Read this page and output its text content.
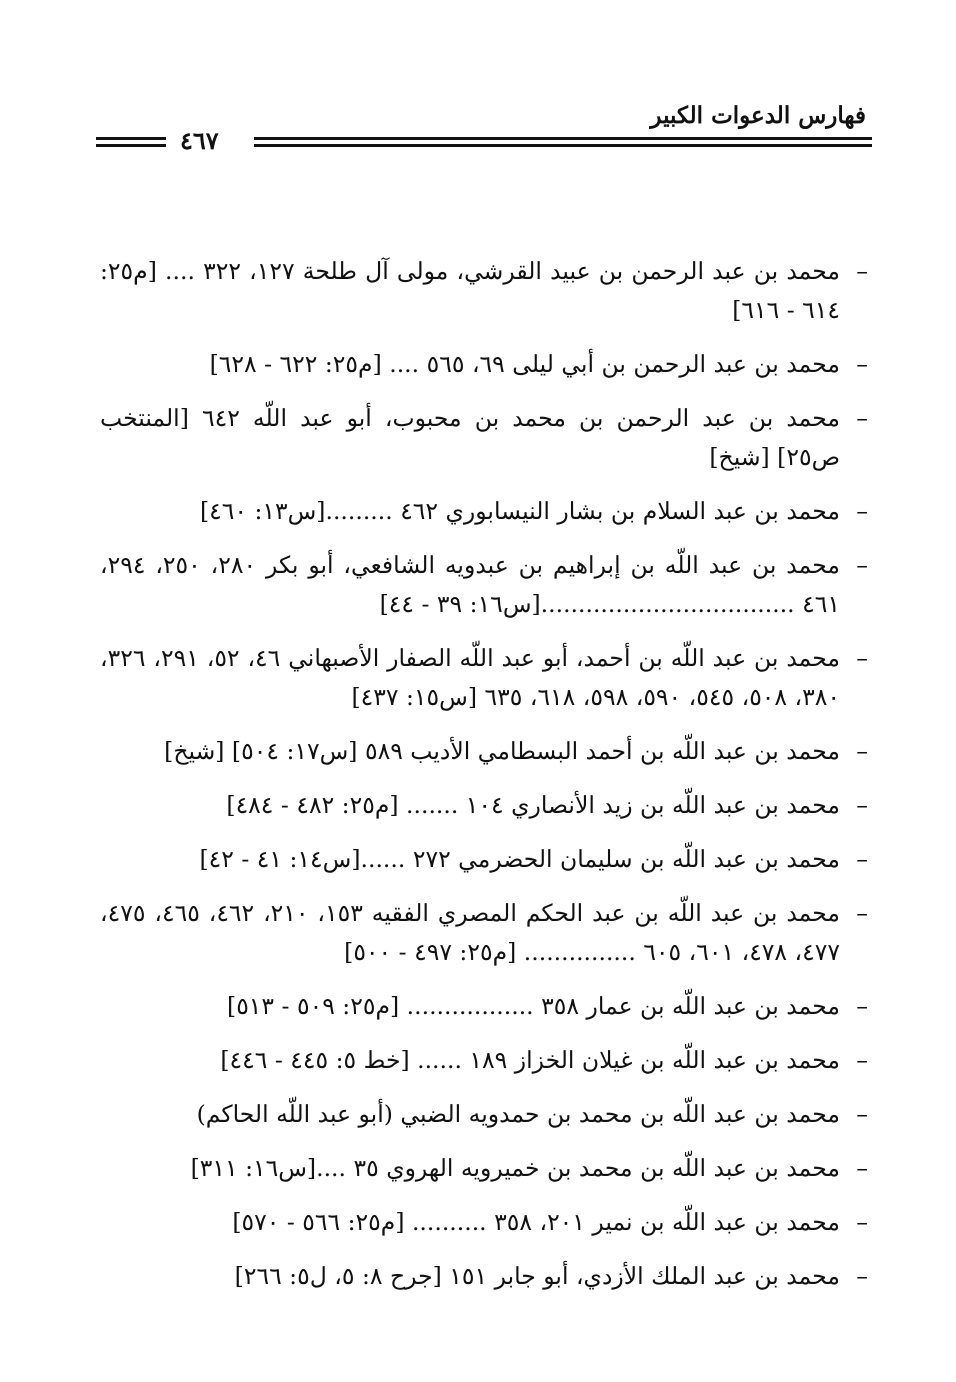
فهارس الدعوات الكبير
٤٦٧
–
محمد بن عبد الرحمن بن عبيد القرشي، مولى آل طلحة ١٢٧، ٣٢٢ .... [م٢٥: ٦١٤ - ٦١٦]
–
محمد بن عبد الرحمن بن أبي ليلى ٦٩، ٥٦٥ .... [م٢٥: ٦٢٢ - ٦٢٨]
–
محمد بن عبد الرحمن بن محمد بن محبوب، أبو عبد اللّه ٦٤٢ [المنتخب ص٢٥] [شيخ]
–
محمد بن عبد السلام بن بشار النيسابوري ٤٦٢ .........[س١٣: ٤٦٠]
–
محمد بن عبد اللّه بن إبراهيم بن عبدويه الشافعي، أبو بكر ٢٨٠، ٢٥٠، ٢٩٤، ٤٦١ ..................................[س١٦: ٣٩ - ٤٤]
–
محمد بن عبد اللّه بن أحمد، أبو عبد اللّه الصفار الأصبهاني ٤٦، ٥٢، ٢٩١، ٣٢٦، ٣٨٠، ٥٠٨، ٥٤٥، ٥٩٠، ٥٩٨، ٦١٨، ٦٣٥ [س١٥: ٤٣٧]
–
محمد بن عبد اللّه بن أحمد البسطامي الأديب ٥٨٩ [س١٧: ٥٠٤] [شيخ]
–
محمد بن عبد اللّه بن زيد الأنصاري ١٠٤ ....... [م٢٥: ٤٨٢ - ٤٨٤]
–
محمد بن عبد اللّه بن سليمان الحضرمي ٢٧٢ ......[س١٤: ٤١ - ٤٢]
–
محمد بن عبد اللّه بن عبد الحكم المصري الفقيه ١٥٣، ٢١٠، ٤٦٢، ٤٦٥، ٤٧٥، ٤٧٧، ٤٧٨، ٦٠١، ٦٠٥ ............... [م٢٥: ٤٩٧ - ٥٠٠]
–
محمد بن عبد اللّه بن عمار ٣٥٨ ................. [م٢٥: ٥٠٩ - ٥١٣]
–
محمد بن عبد اللّه بن غيلان الخزاز ١٨٩ ...... [خط ٥: ٤٤٥ - ٤٤٦]
–
محمد بن عبد اللّه بن محمد بن حمدويه الضبي (أبو عبد اللّه الحاكم)
–
محمد بن عبد اللّه بن محمد بن خميرويه الهروي ٣٥ ....[س١٦: ٣١١]
–
محمد بن عبد اللّه بن نمير ٢٠١، ٣٥٨ .......... [م٢٥: ٥٦٦ - ٥٧٠]
–
محمد بن عبد الملك الأزدي، أبو جابر ١٥١ [جرح ٨: ٥، ل٥: ٢٦٦]
